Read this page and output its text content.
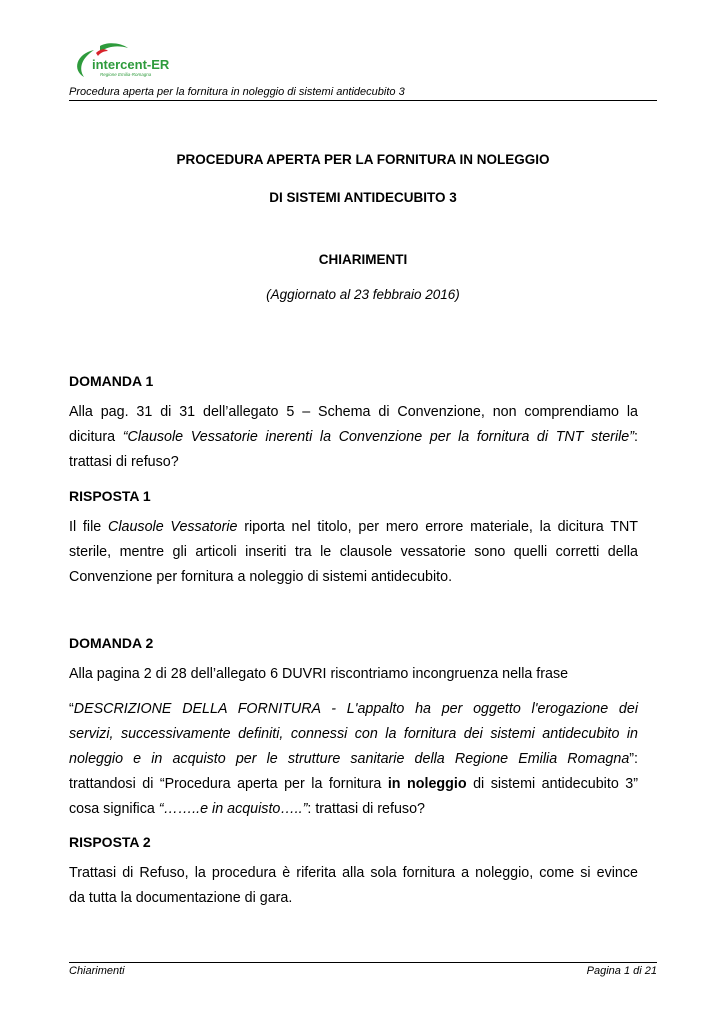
intercent-ER
Regione Emilia-Romagna
Procedura aperta per la fornitura in noleggio di sistemi antidecubito 3
PROCEDURA APERTA PER LA FORNITURA IN NOLEGGIO
DI SISTEMI ANTIDECUBITO 3
CHIARIMENTI
(Aggiornato al 23 febbraio 2016)
DOMANDA 1
Alla pag. 31 di 31 dell’allegato 5 – Schema di Convenzione, non comprendiamo la
dicitura “Clausole Vessatorie inerenti la Convenzione per la fornitura di TNT sterile”:
trattasi di refuso?
RISPOSTA 1
Il file Clausole Vessatorie riporta nel titolo, per mero errore materiale, la dicitura TNT
sterile, mentre gli articoli inseriti tra le clausole vessatorie sono quelli corretti della
Convenzione per fornitura a noleggio di sistemi antidecubito.
DOMANDA 2
Alla pagina 2 di 28 dell’allegato 6 DUVRI riscontriamo incongruenza nella frase
“DESCRIZIONE DELLA FORNITURA - L'appalto ha per oggetto l'erogazione dei
servizi, successivamente definiti, connessi con la fornitura dei sistemi antidecubito in
noleggio e in acquisto per le strutture sanitarie della Regione Emilia Romagna”:
trattandosi di “Procedura aperta per la fornitura in noleggio di sistemi antidecubito 3”
cosa significa “……..e in acquisto…..”: trattasi di refuso?
RISPOSTA 2
Trattasi di Refuso, la procedura è riferita alla sola fornitura a noleggio, come si evince
da tutta la documentazione di gara.
Chiarimenti	Pagina 1 di 21
